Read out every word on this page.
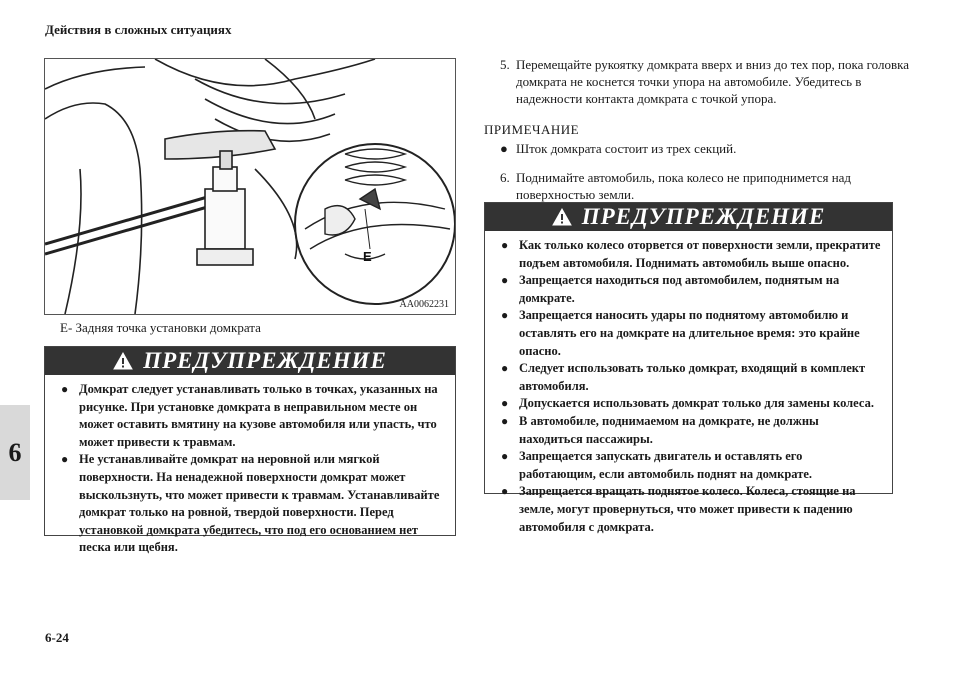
Действия в сложных ситуациях
E
AA0062231
E- Задняя точка установки домкрата
ПРЕДУПРЕЖДЕНИЕ
● Домкрат следует устанавливать только в точках, указанных на рисунке. При установке домкрата в неправильном месте он может оставить вмятину на кузове автомобиля или упасть, что может привести к травмам.
● Не устанавливайте домкрат на неровной или мягкой поверхности. На ненадежной поверхности домкрат может выскользнуть, что может привести к травмам. Устанавливайте домкрат только на ровной, твердой поверхности. Перед установкой домкрата убедитесь, что под его основанием нет песка или щебня.
6
6-24
5. Перемещайте рукоятку домкрата вверх и вниз до тех пор, пока головка домкрата не коснется точки упора на автомобиле. Убедитесь в надежности контакта домкрата с точкой упора.
ПРИМЕЧАНИЕ
● Шток домкрата состоит из трех секций.
6. Поднимайте автомобиль, пока колесо не приподнимется над поверхностью земли.
ПРЕДУПРЕЖДЕНИЕ
● Как только колесо оторвется от поверхности земли, прекратите подъем автомобиля. Поднимать автомобиль выше опасно.
● Запрещается находиться под автомобилем, поднятым на домкрате.
● Запрещается наносить удары по поднятому автомобилю и оставлять его на домкрате на длительное время: это крайне опасно.
● Следует использовать только домкрат, входящий в комплект автомобиля.
● Допускается использовать домкрат только для замены колеса.
● В автомобиле, поднимаемом на домкрате, не должны находиться пассажиры.
● Запрещается запускать двигатель и оставлять его работающим, если автомобиль поднят на домкрате.
● Запрещается вращать поднятое колесо. Колеса, стоящие на земле, могут провернуться, что может привести к падению автомобиля с домкрата.
